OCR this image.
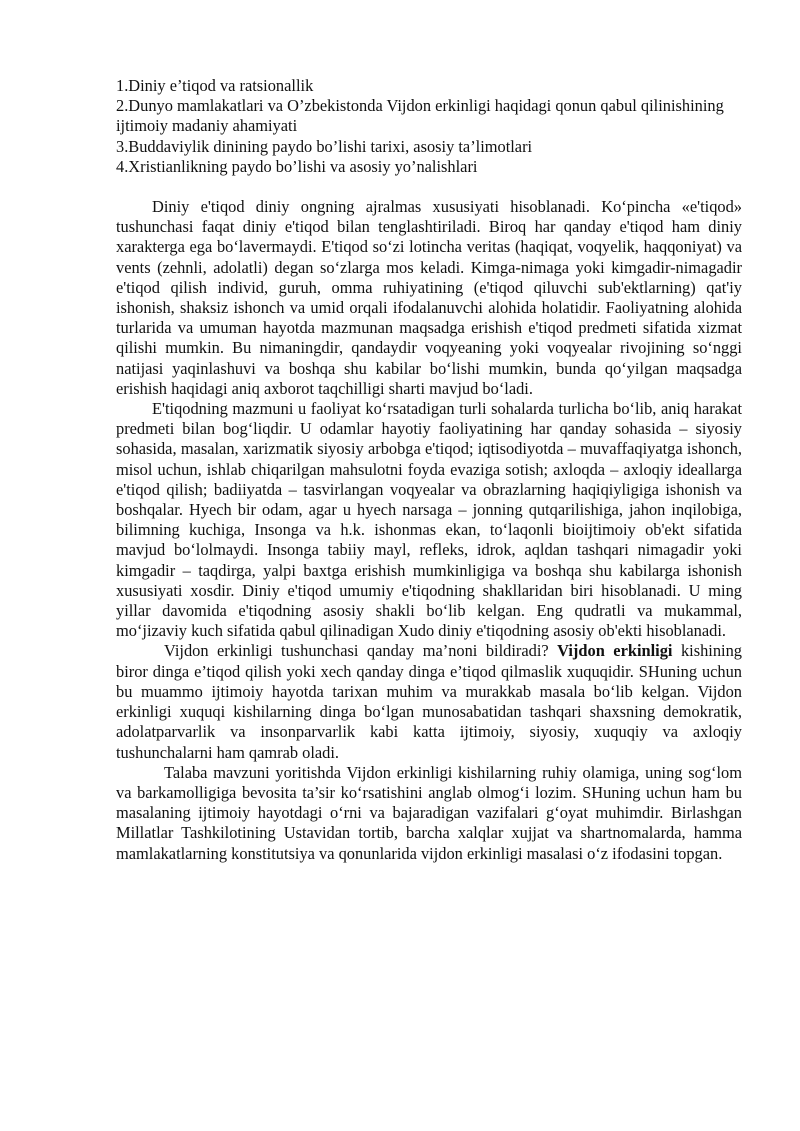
1.Diniy e’tiqod va ratsionallik
2.Dunyo mamlakatlari va O’zbekistonda Vijdon erkinligi haqidagi qonun qabul qilinishining ijtimoiy madaniy ahamiyati
3.Buddaviylik dinining paydo bo’lishi tarixi, asosiy ta’limotlari
4.Xristianlikning paydo bo’lishi va asosiy yo’nalishlari

Diniy e'tiqod diniy ongning ajralmas xususiyati hisoblanadi. Ko‘pincha «e'tiqod» tushunchasi faqat diniy e'tiqod bilan tenglashtiriladi. Biroq har qanday e'tiqod ham diniy xarakterga ega bo‘lavermaydi. E'tiqod so‘zi lotincha veritas (haqiqat, voqyelik, haqqoniyat) va vents (zehnli, adolatli) degan so‘zlarga mos keladi. Kimga-nimaga yoki kimgadir-nimagadir e'tiqod qilish individ, guruh, omma ruhiyatining (e'tiqod qiluvchi sub'ektlarning) qat'iy ishonish, shaksiz ishonch va umid orqali ifodalanuvchi alohida holatidir. Faoliyatning alohida turlarida va umuman hayotda mazmunan maqsadga erishish e'tiqod predmeti sifatida xizmat qilishi mumkin. Bu nimaningdir, qandaydir voqyeaning yoki voqyealar rivojining so‘nggi natijasi yaqinlashuvi va boshqa shu kabilar bo‘lishi mumkin, bunda qo‘yilgan maqsadga erishish haqidagi aniq axborot taqchilligi sharti mavjud bo‘ladi.

E'tiqodning mazmuni u faoliyat ko‘rsatadigan turli sohalarda turlicha bo‘lib, aniq harakat predmeti bilan bog‘liqdir. U odamlar hayotiy faoliyatining har qanday sohasida – siyosiy sohasida, masalan, xarizmatik siyosiy arbobga e'tiqod; iqtisodiyotda – muvaffaqiyatga ishonch, misol uchun, ishlab chiqarilgan mahsulotni foyda evaziga sotish; axloqda – axloqiy ideallarga e'tiqod qilish; badiiyatda – tasvirlangan voqyealar va obrazlarning haqiqiyligiga ishonish va boshqalar. Hyech bir odam, agar u hyech narsaga – jonning qutqarilishiga, jahon inqilobiga, bilimning kuchiga, Insonga va h.k. ishonmas ekan, to‘laqonli bioijtimoiy ob'ekt sifatida mavjud bo‘lolmaydi. Insonga tabiiy mayl, refleks, idrok, aqldan tashqari nimagadir yoki kimgadir – taqdirga, yalpi baxtga erishish mumkinligiga va boshqa shu kabilarga ishonish xususiyati xosdir. Diniy e'tiqod umumiy e'tiqodning shakllaridan biri hisoblanadi. U ming yillar davomida e'tiqodning asosiy shakli bo‘lib kelgan. Eng qudratli va mukammal, mo‘jizaviy kuch sifatida qabul qilinadigan Xudo diniy e'tiqodning asosiy ob'ekti hisoblanadi.

Vijdon erkinligi tushunchasi qanday ma’noni bildiradi? Vijdon erkinligi kishining biror dinga e’tiqod qilish yoki xech qanday dinga e’tiqod qilmaslik xuquqidir. SHuning uchun bu muammo ijtimoiy hayotda tarixan muhim va murakkab masala bo‘lib kelgan. Vijdon erkinligi xuquqi kishilarning dinga bo‘lgan munosabatidan tashqari shaxsning demokratik, adolatparvarlik va insonparvarlik kabi katta ijtimoiy, siyosiy, xuquqiy va axloqiy tushunchalarni ham qamrab oladi.

Talaba mavzuni yoritishda Vijdon erkinligi kishilarning ruhiy olamiga, uning sog‘lom va barkamolligiga bevosita ta’sir ko‘rsatishini anglab olmog‘i lozim. SHuning uchun ham bu masalaning ijtimoiy hayotdagi o‘rni va bajaradigan vazifalari g‘oyat muhimdir. Birlashgan Millatlar Tashkilotining Ustavidan tortib, barcha xalqlar xujjat va shartnomalarda, hamma mamlakatlarning konstitutsiya va qonunlarida vijdon erkinligi masalasi o‘z ifodasini topgan.
